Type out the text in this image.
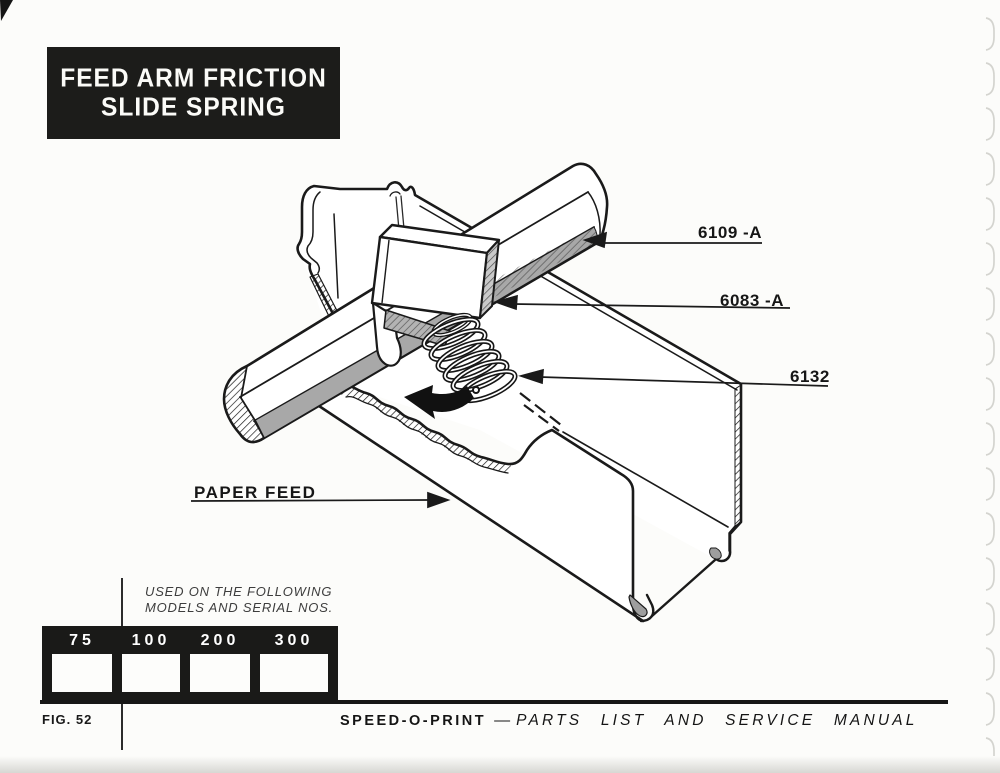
FEED ARM FRICTION
SLIDE SPRING
6109 -A
6083 -A
6132
PAPER FEED
USED ON THE FOLLOWING
MODELS AND SERIAL NOS.
75	100	200	300
FIG. 52	SPEED-O-PRINT — PARTS LIST AND SERVICE MANUAL
